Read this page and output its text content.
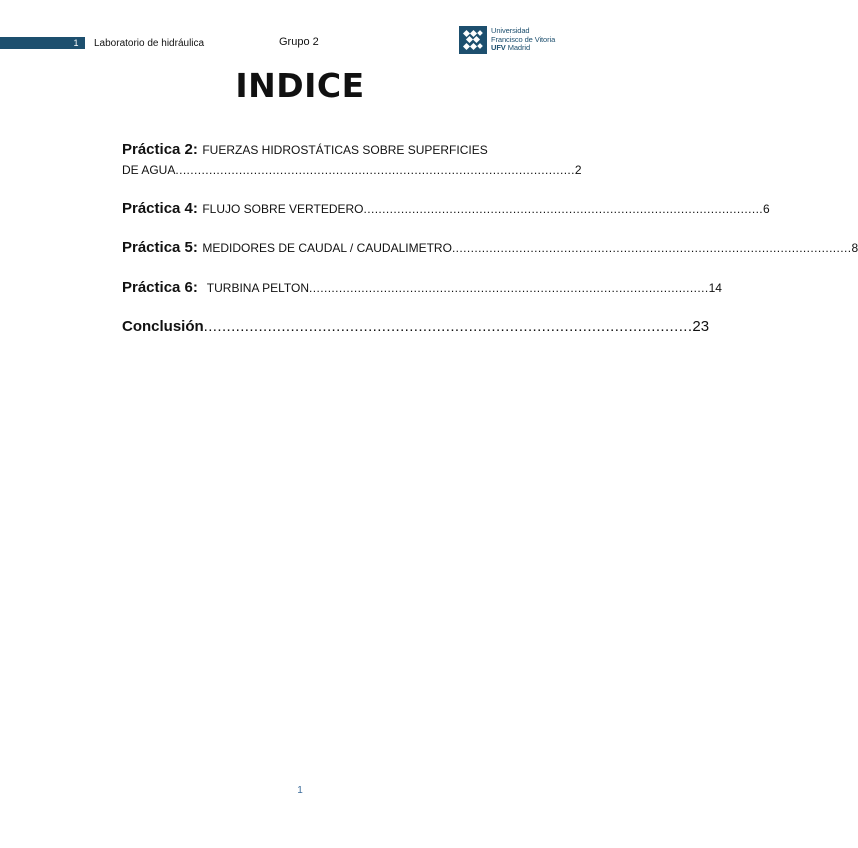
1	Laboratorio de hidráulica	Grupo 2
Universidad
Francisco de Vitoria
UFV Madrid
INDICE
Práctica 2: FUERZAS HIDROSTÁTICAS SOBRE SUPERFICIES
DE AGUA ........................................................................................................... 2
Práctica 4:
FLUJO SOBRE VERTEDERO ........................................................................................................... 6
Práctica 5:
MEDIDORES DE CAUDAL / CAUDALIMETRO ........................................................................................................... 8
Práctica 6:
TURBINA PELTON ........................................................................................................... 14
Conclusión ........................................................................................................... 23
1
